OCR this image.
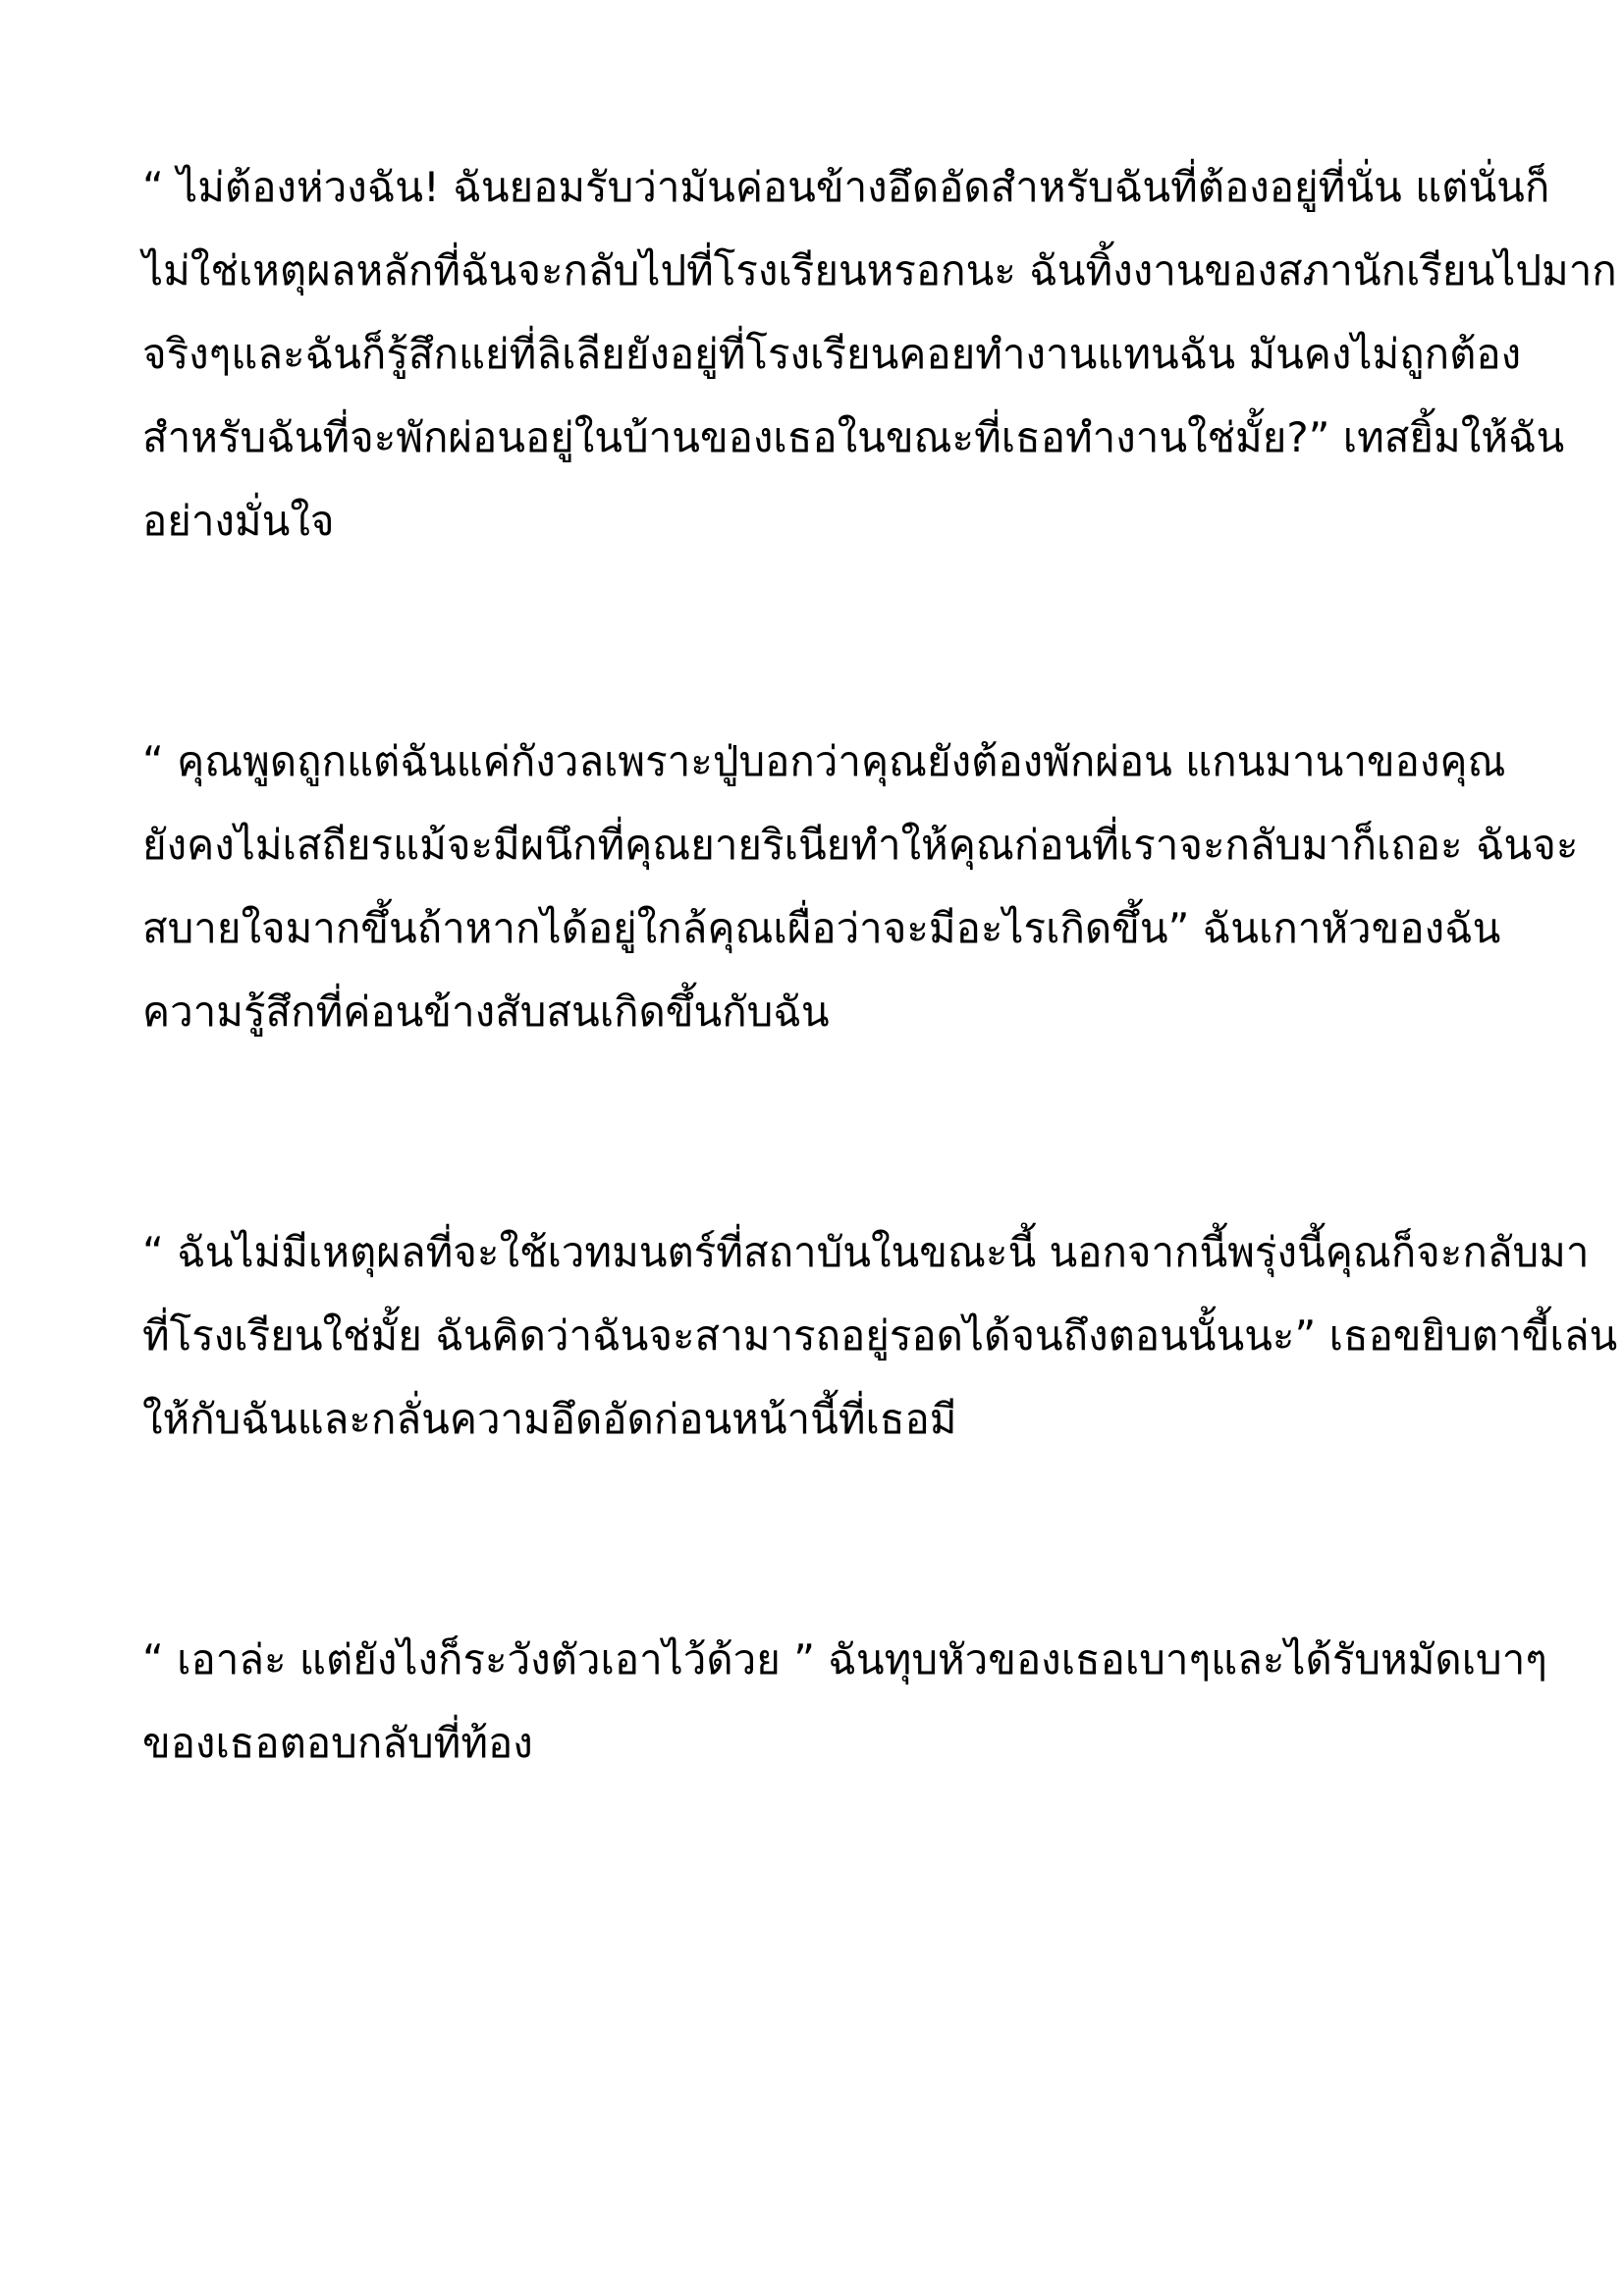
“ ไม่ต้องห่วงฉัน! ฉันยอมรับว่ามันค่อนข้างอึดอัดสำหรับฉันที่ต้องอยู่ที่นั่น แต่นั่นก็
ไม่ใช่เหตุผลหลักที่ฉันจะกลับไปที่โรงเรียนหรอกนะ ฉันทิ้งงานของสภานักเรียนไปมาก
จริงๆและฉันก็รู้สึกแย่ที่ลิเลียยังอยู่ที่โรงเรียนคอยทำงานแทนฉัน มันคงไม่ถูกต้อง
สำหรับฉันที่จะพักผ่อนอยู่ในบ้านของเธอในขณะที่เธอทำงานใช่มั้ย?” เทสยิ้มให้ฉัน
อย่างมั่นใจ
“ คุณพูดถูกแต่ฉันแค่กังวลเพราะปู่บอกว่าคุณยังต้องพักผ่อน แกนมานาของคุณ
ยังคงไม่เสถียรแม้จะมีผนึกที่คุณยายริเนียทำให้คุณก่อนที่เราจะกลับมาก็เถอะ ฉันจะ
สบายใจมากขึ้นถ้าหากได้อยู่ใกล้คุณเผื่อว่าจะมีอะไรเกิดขึ้น” ฉันเกาหัวของฉัน
ความรู้สึกที่ค่อนข้างสับสนเกิดขึ้นกับฉัน
“ ฉันไม่มีเหตุผลที่จะใช้เวทมนตร์ที่สถาบันในขณะนี้ นอกจากนี้พรุ่งนี้คุณก็จะกลับมา
ที่โรงเรียนใช่มั้ย ฉันคิดว่าฉันจะสามารถอยู่รอดได้จนถึงตอนนั้นนะ” เธอขยิบตาขี้เล่น
ให้กับฉันและกลั่นความอึดอัดก่อนหน้านี้ที่เธอมี
“ เอาล่ะ แต่ยังไงก็ระวังตัวเอาไว้ด้วย ” ฉันทุบหัวของเธอเบาๆและได้รับหมัดเบาๆ
ของเธอตอบกลับที่ท้อง
